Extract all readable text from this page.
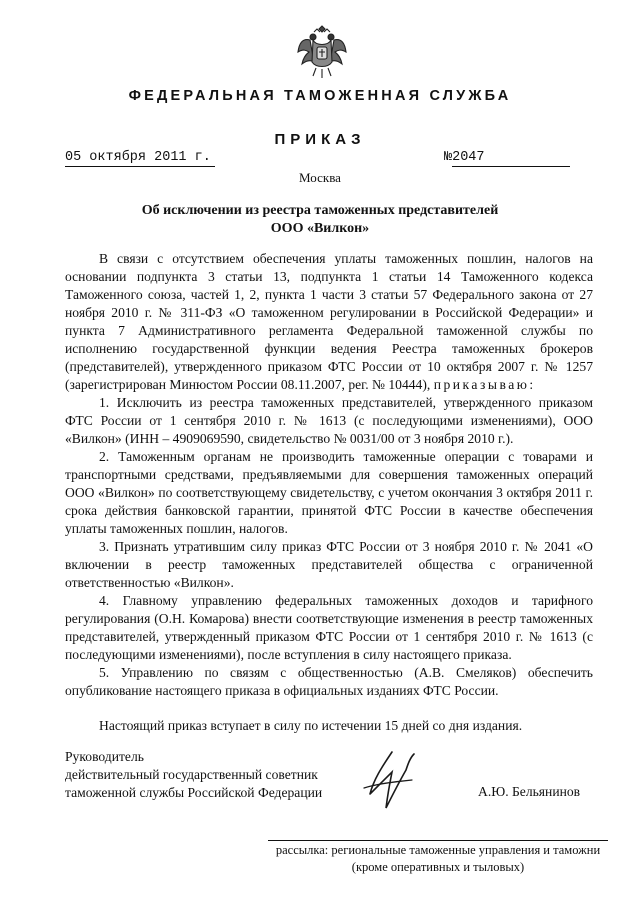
ФЕДЕРАЛЬНАЯ ТАМОЖЕННАЯ СЛУЖБА
ПРИКАЗ
05 октября 2011 г.	№2047
Москва
Об исключении из реестра таможенных представителей
ООО «Вилкон»

В связи с отсутствием обеспечения уплаты таможенных пошлин, налогов на основании подпункта 3 статьи 13, подпункта 1 статьи 14 Таможенного кодекса Таможенного союза, частей 1, 2, пункта 1 части 3 статьи 57 Федерального закона от 27 ноября 2010 г. № 311-ФЗ «О таможенном регулировании в Российской Федерации» и пункта 7 Административного регламента Федеральной таможенной службы по исполнению государственной функции ведения Реестра таможенных брокеров (представителей), утвержденного приказом ФТС России от 10 октября 2007 г. № 1257 (зарегистрирован Минюстом России 08.11.2007, рег. № 10444), приказываю:

1. Исключить из реестра таможенных представителей, утвержденного приказом ФТС России от 1 сентября 2010 г. № 1613 (с последующими изменениями), ООО «Вилкон» (ИНН – 4909069590, свидетельство № 0031/00 от 3 ноября 2010 г.).

2. Таможенным органам не производить таможенные операции с товарами и транспортными средствами, предъявляемыми для совершения таможенных операций ООО «Вилкон» по соответствующему свидетельству, с учетом окончания 3 октября 2011 г. срока действия банковской гарантии, принятой ФТС России в качестве обеспечения уплаты таможенных пошлин, налогов.

3. Признать утратившим силу приказ ФТС России от 3 ноября 2010 г. № 2041 «О включении в реестр таможенных представителей общества с ограниченной ответственностью «Вилкон».

4. Главному управлению федеральных таможенных доходов и тарифного регулирования (О.Н. Комарова) внести соответствующие изменения в реестр таможенных представителей, утвержденный приказом ФТС России от 1 сентября 2010 г. № 1613 (с последующими изменениями), после вступления в силу настоящего приказа.

5. Управлению по связям с общественностью (А.В. Смеляков) обеспечить опубликование настоящего приказа в официальных изданиях ФТС России.

Настоящий приказ вступает в силу по истечении 15 дней со дня издания.
Руководитель
действительный государственный советник
таможенной службы Российской Федерации	А.Ю. Бельянинов
рассылка: региональные таможенные управления и таможни
(кроме оперативных и тыловых)
